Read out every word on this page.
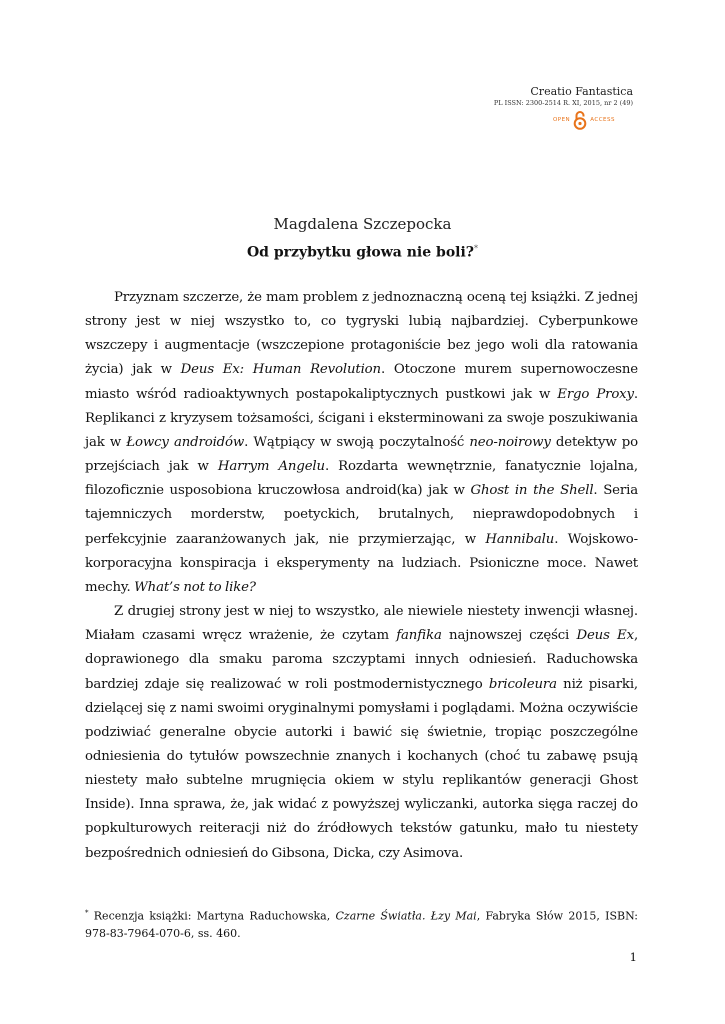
Creatio Fantastica
PL ISSN: 2300-2514 R. XI, 2015, nr 2 (49)
OPEN	ACCESS
Magdalena Szczepocka
Od przybytku głowa nie boli?*

Przyznam szczerze, że mam problem z jednoznaczną oceną tej książki. Z jednej strony jest w niej wszystko to, co tygryski lubią najbardziej. Cyberpunkowe wszczepy i augmentacje (wszczepione protagoniście bez jego woli dla ratowania życia) jak w Deus Ex: Human Revolution. Otoczone murem supernowoczesne miasto wśród radioaktywnych postapokaliptycznych pustkowi jak w Ergo Proxy. Replikanci z kryzysem tożsamości, ścigani i eksterminowani za swoje poszukiwania jak w Łowcy androidów. Wątpiący w swoją poczytalność neo-noirowy detektyw po przejściach jak w Harrym Angelu. Rozdarta wewnętrznie, fanatycznie lojalna, filozoficznie usposobiona kruczowłosa android(ka) jak w Ghost in the Shell. Seria tajemniczych morderstw, poetyckich, brutalnych, nieprawdopodobnych i perfekcyjnie zaaranżowanych jak, nie przymierzając, w Hannibalu. Wojskowo-korporacyjna konspiracja i eksperymenty na ludziach. Psioniczne moce. Nawet mechy. What’s not to like?

Z drugiej strony jest w niej to wszystko, ale niewiele niestety inwencji własnej. Miałam czasami wręcz wrażenie, że czytam fanfika najnowszej części Deus Ex, doprawionego dla smaku paroma szczyptami innych odniesień. Raduchowska bardziej zdaje się realizować w roli postmodernistycznego bricoleura niż pisarki, dzielącej się z nami swoimi oryginalnymi pomysłami i poglądami. Można oczywiście podziwiać generalne obycie autorki i bawić się świetnie, tropiąc poszczególne odniesienia do tytułów powszechnie znanych i kochanych (choć tu zabawę psują niestety mało subtelne mrugnięcia okiem w stylu replikantów generacji Ghost Inside). Inna sprawa, że, jak widać z powyższej wyliczanki, autorka sięga raczej do popkulturowych reiteracji niż do źródłowych tekstów gatunku, mało tu niestety bezpośrednich odniesień do Gibsona, Dicka, czy Asimova.

* Recenzja książki: Martyna Raduchowska, Czarne Światła. Łzy Mai, Fabryka Słów 2015, ISBN: 978-83-7964-070-6, ss. 460.
1
